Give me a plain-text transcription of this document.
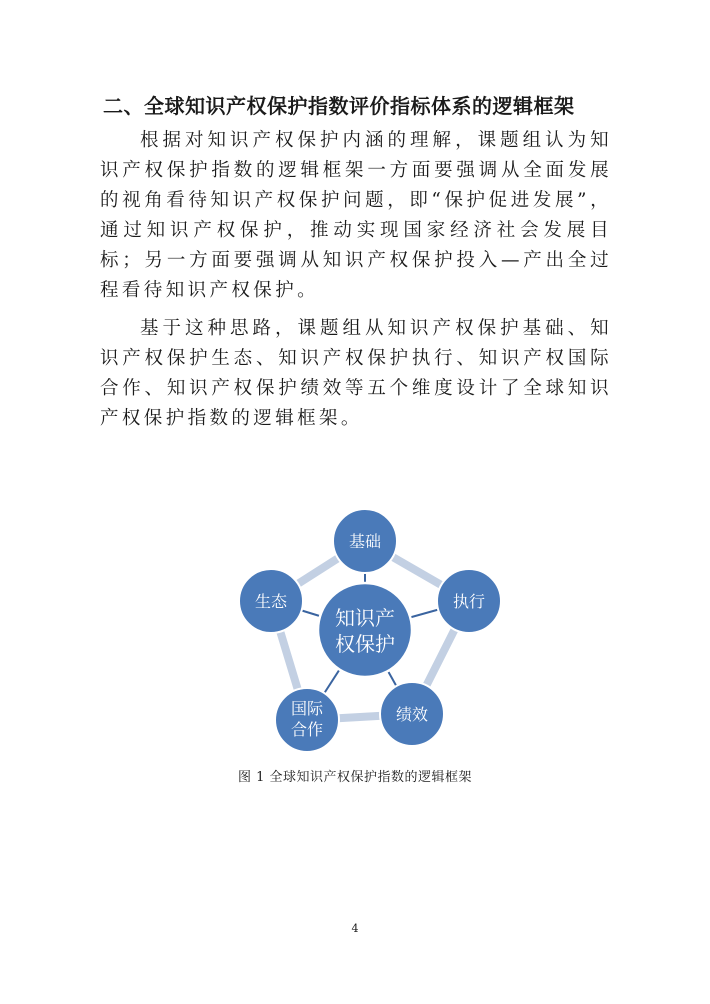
二、全球知识产权保护指数评价指标体系的逻辑框架

根据对知识产权保护内涵的理解，课题组认为知识产权保护指数的逻辑框架一方面要强调从全面发展的视角看待知识产权保护问题，即“保护促进发展”，通过知识产权保护，推动实现国家经济社会发展目标；另一方面要强调从知识产权保护投入—产出全过程看待知识产权保护。

基于这种思路，课题组从知识产权保护基础、知识产权保护生态、知识产权保护执行、知识产权国际合作、知识产权保护绩效等五个维度设计了全球知识产权保护指数的逻辑框架。

基础
执行
绩效
国际
合作
生态
知识产
权保护
图 1 全球知识产权保护指数的逻辑框架
4
